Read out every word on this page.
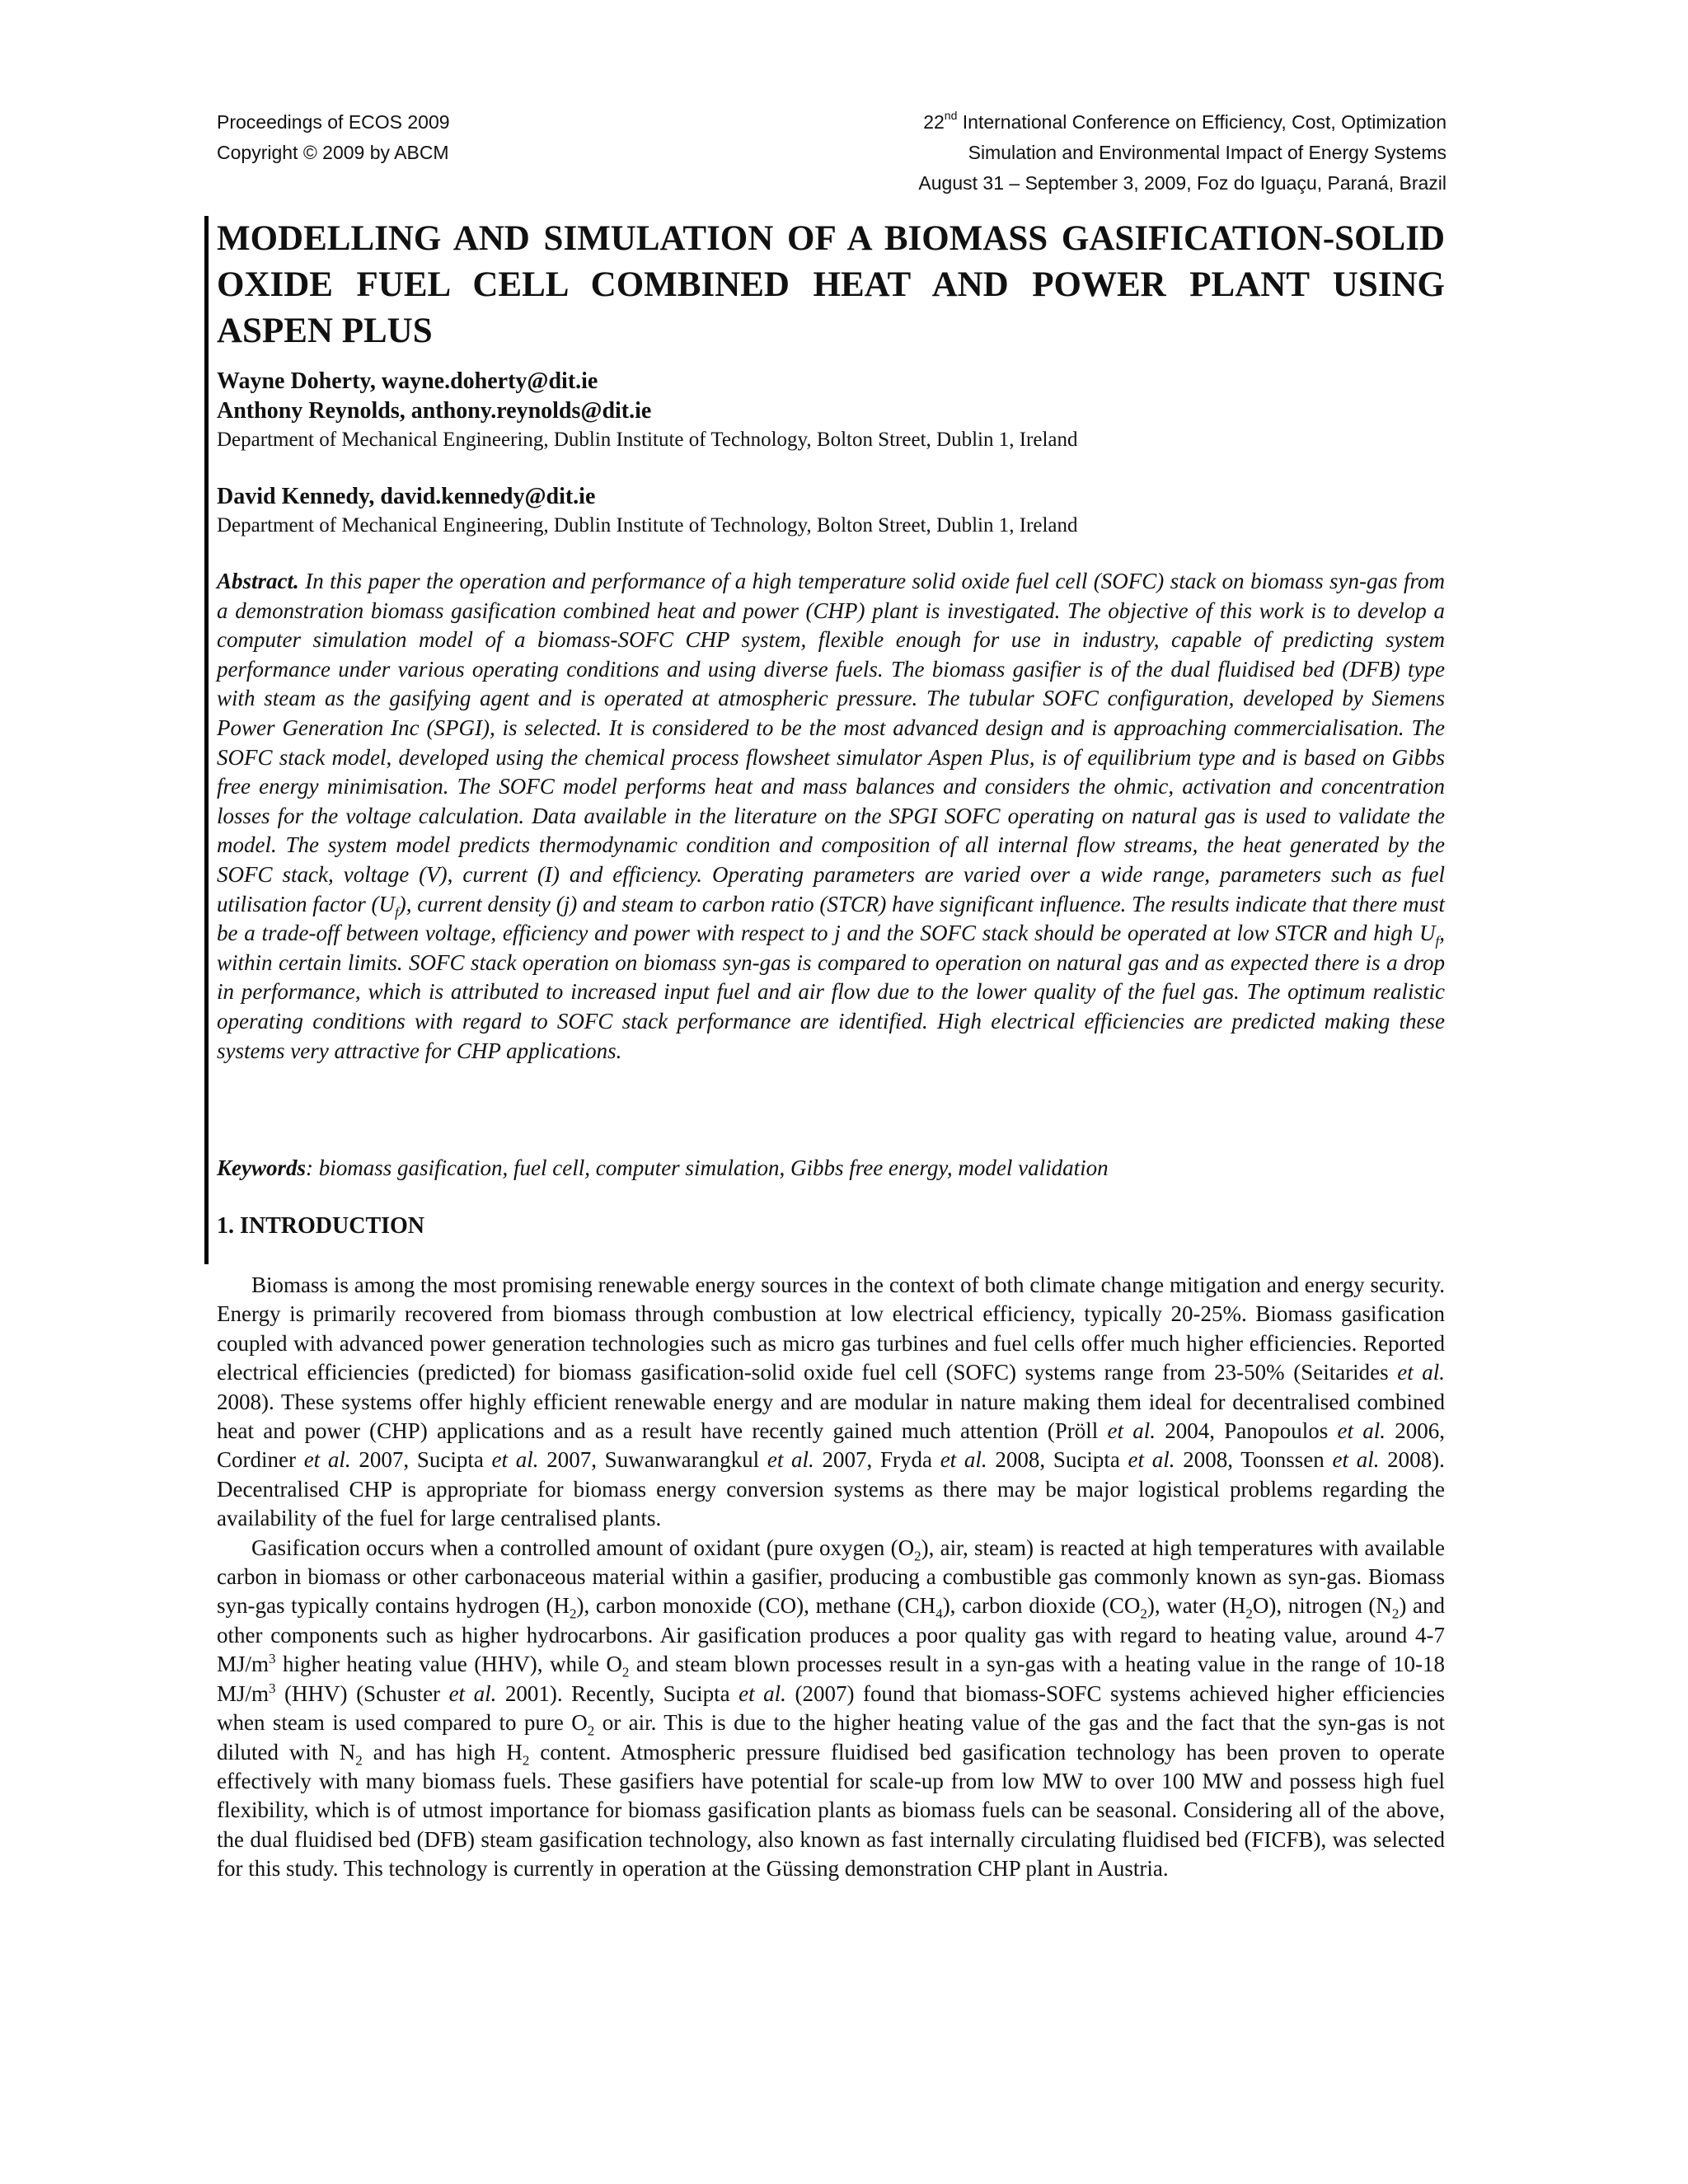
Proceedings of ECOS 2009
Copyright © 2009 by ABCM
22nd International Conference on Efficiency, Cost, Optimization
Simulation and Environmental Impact of Energy Systems
August 31 – September 3, 2009, Foz do Iguaçu, Paraná, Brazil
MODELLING AND SIMULATION OF A BIOMASS GASIFICATION-SOLID
OXIDE FUEL CELL COMBINED HEAT AND POWER PLANT USING
ASPEN PLUS
Wayne Doherty, wayne.doherty@dit.ie
Anthony Reynolds, anthony.reynolds@dit.ie
Department of Mechanical Engineering, Dublin Institute of Technology, Bolton Street, Dublin 1, Ireland
David Kennedy, david.kennedy@dit.ie
Department of Mechanical Engineering, Dublin Institute of Technology, Bolton Street, Dublin 1, Ireland
Abstract. In this paper the operation and performance of a high temperature solid oxide fuel cell (SOFC) stack on biomass syn-gas from a demonstration biomass gasification combined heat and power (CHP) plant is investigated. The objective of this work is to develop a computer simulation model of a biomass-SOFC CHP system, flexible enough for use in industry, capable of predicting system performance under various operating conditions and using diverse fuels. The biomass gasifier is of the dual fluidised bed (DFB) type with steam as the gasifying agent and is operated at atmospheric pressure. The tubular SOFC configuration, developed by Siemens Power Generation Inc (SPGI), is selected. It is considered to be the most advanced design and is approaching commercialisation. The SOFC stack model, developed using the chemical process flowsheet simulator Aspen Plus, is of equilibrium type and is based on Gibbs free energy minimisation. The SOFC model performs heat and mass balances and considers the ohmic, activation and concentration losses for the voltage calculation. Data available in the literature on the SPGI SOFC operating on natural gas is used to validate the model. The system model predicts thermodynamic condition and composition of all internal flow streams, the heat generated by the SOFC stack, voltage (V), current (I) and efficiency. Operating parameters are varied over a wide range, parameters such as fuel utilisation factor $(U_f)$, current density (j) and steam to carbon ratio (STCR) have significant influence. The results indicate that there must be a trade-off between voltage, efficiency and power with respect to j and the SOFC stack should be operated at low STCR and high $U_f$, within certain limits. SOFC stack operation on biomass syn-gas is compared to operation on natural gas and as expected there is a drop in performance, which is attributed to increased input fuel and air flow due to the lower quality of the fuel gas. The optimum realistic operating conditions with regard to SOFC stack performance are identified. High electrical efficiencies are predicted making these systems very attractive for CHP applications.
Keywords: biomass gasification, fuel cell, computer simulation, Gibbs free energy, model validation
1. INTRODUCTION

Biomass is among the most promising renewable energy sources in the context of both climate change mitigation and energy security. Energy is primarily recovered from biomass through combustion at low electrical efficiency, typically 20-25%. Biomass gasification coupled with advanced power generation technologies such as micro gas turbines and fuel cells offer much higher efficiencies. Reported electrical efficiencies (predicted) for biomass gasification-solid oxide fuel cell (SOFC) systems range from 23-50% (Seitarides et al. 2008). These systems offer highly efficient renewable energy and are modular in nature making them ideal for decentralised combined heat and power (CHP) applications and as a result have recently gained much attention (Pröll et al. 2004, Panopoulos et al. 2006, Cordiner et al. 2007, Sucipta et al. 2007, Suwanwarangkul et al. 2007, Fryda et al. 2008, Sucipta et al. 2008, Toonssen et al. 2008). Decentralised CHP is appropriate for biomass energy conversion systems as there may be major logistical problems regarding the availability of the fuel for large centralised plants.

Gasification occurs when a controlled amount of oxidant (pure oxygen $(O_2)$, air, steam) is reacted at high temperatures with available carbon in biomass or other carbonaceous material within a gasifier, producing a combustible gas commonly known as syn-gas. Biomass syn-gas typically contains hydrogen $(H_2)$, carbon monoxide (CO), methane $(CH_4)$, carbon dioxide $(CO_2)$, water $(H_2O)$, nitrogen $(N_2)$ and other components such as higher hydrocarbons. Air gasification produces a poor quality gas with regard to heating value, around 4-7 $MJ/m^3$ higher heating value (HHV), while $O_2$ and steam blown processes result in a syn-gas with a heating value in the range of 10-18 $MJ/m^3$ (HHV) (Schuster et al. 2001). Recently, Sucipta et al. (2007) found that biomass-SOFC systems achieved higher efficiencies when steam is used compared to pure $O_2$ or air. This is due to the higher heating value of the gas and the fact that the syn-gas is not diluted with $N_2$ and has high $H_2$ content. Atmospheric pressure fluidised bed gasification technology has been proven to operate effectively with many biomass fuels. These gasifiers have potential for scale-up from low MW to over 100 MW and possess high fuel flexibility, which is of utmost importance for biomass gasification plants as biomass fuels can be seasonal. Considering all of the above, the dual fluidised bed (DFB) steam gasification technology, also known as fast internally circulating fluidised bed (FICFB), was selected for this study. This technology is currently in operation at the Güssing demonstration CHP plant in Austria.
